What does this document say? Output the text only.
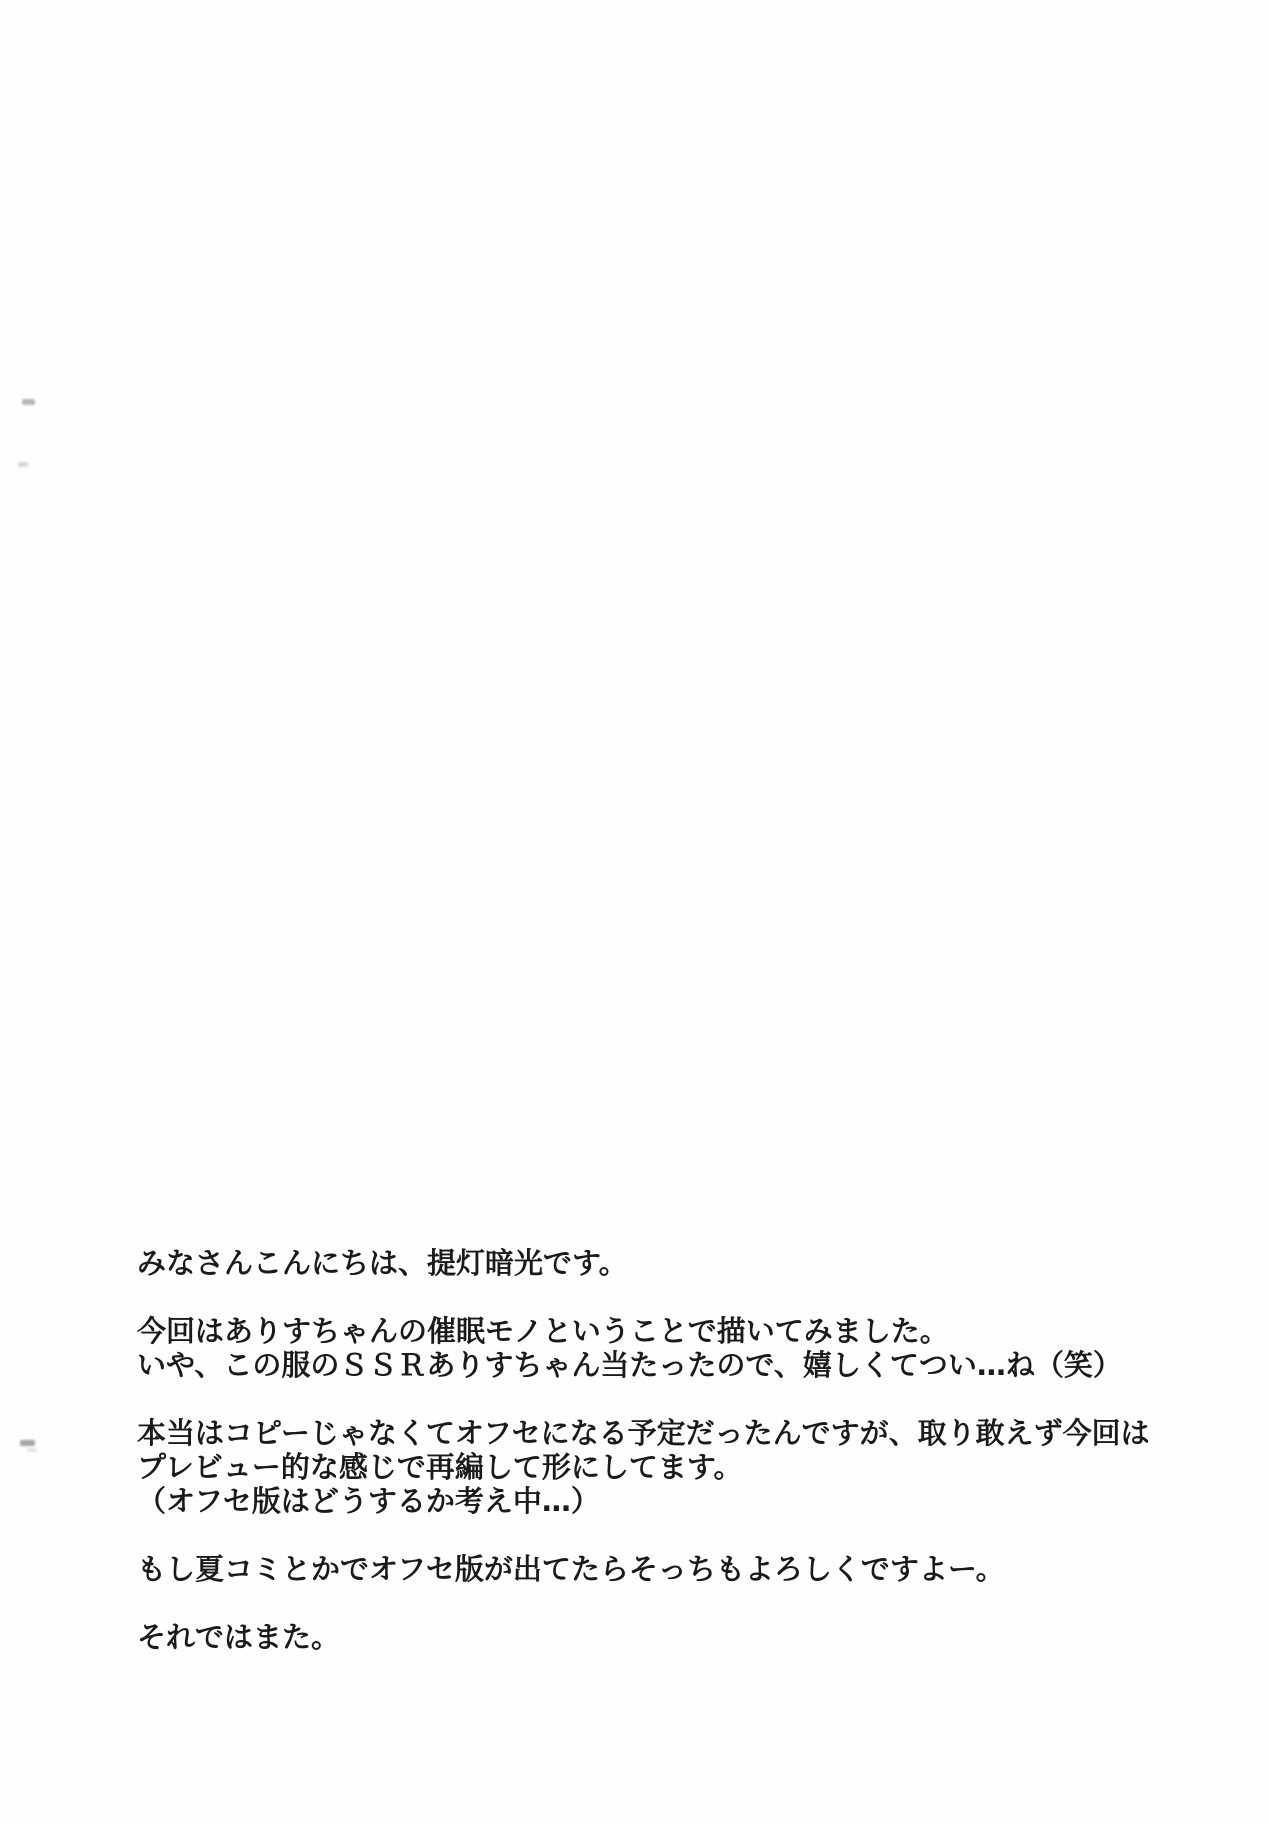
みなさんこんにちは、提灯暗光です。
今回はありすちゃんの催眠モノということで描いてみました。
いや、この服のＳＳＲありすちゃん当たったので、嬉しくてつい…ね（笑）
本当はコピーじゃなくてオフセになる予定だったんですが、取り敢えず今回は
プレビュー的な感じで再編して形にしてます。
（オフセ版はどうするか考え中…）
もし夏コミとかでオフセ版が出てたらそっちもよろしくですよー。
それではまた。
